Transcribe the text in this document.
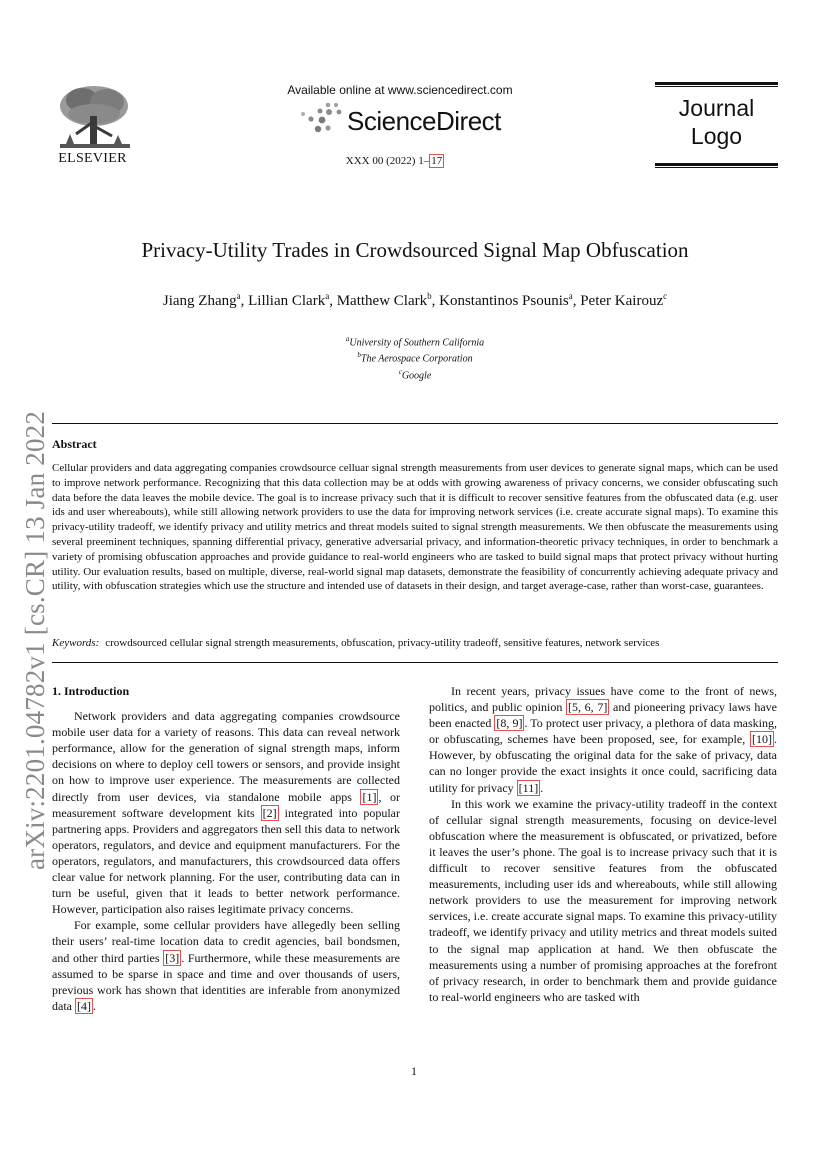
ELSEVIER
Available online at www.sciencedirect.com
ScienceDirect
XXX 00 (2022) 1– 17
Journal
Logo
arXiv:2201.04782v1 [cs.CR] 13 Jan 2022
Privacy-Utility Trades in Crowdsourced Signal Map Obfuscation
Jiang Zhang$^a$, Lillian Clark$^a$, Matthew Clark$^b$, Konstantinos Psounis$^a$, Peter Kairouz$^c$
$^a$University of Southern California
$^b$The Aerospace Corporation
$^c$Google
Abstract
Cellular providers and data aggregating companies crowdsource celluar signal strength measurements from user devices to generate signal maps, which can be used to improve network performance. Recognizing that this data collection may be at odds with growing awareness of privacy concerns, we consider obfuscating such data before the data leaves the mobile device. The goal is to increase privacy such that it is difficult to recover sensitive features from the obfuscated data (e.g. user ids and user whereabouts), while still allowing network providers to use the data for improving network services (i.e. create accurate signal maps). To examine this privacy-utility tradeoff, we identify privacy and utility metrics and threat models suited to signal strength measurements. We then obfuscate the measurements using several preeminent techniques, spanning differential privacy, generative adversarial privacy, and information-theoretic privacy techniques, in order to benchmark a variety of promising obfuscation approaches and provide guidance to real-world engineers who are tasked to build signal maps that protect privacy without hurting utility. Our evaluation results, based on multiple, diverse, real-world signal map datasets, demonstrate the feasibility of concurrently achieving adequate privacy and utility, with obfuscation strategies which use the structure and intended use of datasets in their design, and target average-case, rather than worst-case, guarantees.
Keywords: crowdsourced cellular signal strength measurements, obfuscation, privacy-utility tradeoff, sensitive features, network services
1. Introduction

Network providers and data aggregating companies crowdsource mobile user data for a variety of reasons. This data can reveal network performance, allow for the generation of signal strength maps, inform decisions on where to deploy cell towers or sensors, and provide insight on how to improve user experience. The measurements are collected directly from user devices, via standalone mobile apps [1] , or measurement software development kits [2] integrated into popular partnering apps. Providers and aggregators then sell this data to network operators, regulators, and device and equipment manufacturers. For the operators, regulators, and manufacturers, this crowdsourced data offers clear value for network planning. For the user, contributing data can in turn be useful, given that it leads to better network performance. However, participation also raises legitimate privacy concerns.

For example, some cellular providers have allegedly been selling their users’ real-time location data to credit agencies, bail bondsmen, and other third parties [3] . Furthermore, while these measurements are assumed to be sparse in space and time and over thousands of users, previous work has shown that identities are inferable from anonymized data [4] .

In recent years, privacy issues have come to the front of news, politics, and public opinion [5, 6, 7] and pioneering privacy laws have been enacted [8, 9] . To protect user privacy, a plethora of data masking, or obfuscating, schemes have been proposed, see, for example, [10] . However, by obfuscating the original data for the sake of privacy, data can no longer provide the exact insights it once could, sacrificing data utility for privacy [11] .

In this work we examine the privacy-utility tradeoff in the context of cellular signal strength measurements, focusing on device-level obfuscation where the measurement is obfuscated, or privatized, before it leaves the user’s phone. The goal is to increase privacy such that it is difficult to recover sensitive features from the obfuscated measurements, including user ids and whereabouts, while still allowing network providers to use the measurement for improving network services, i.e. create accurate signal maps. To examine this privacy-utility tradeoff, we identify privacy and utility metrics and threat models suited to the signal map application at hand. We then obfuscate the measurements using a number of promising approaches at the forefront of privacy research, in order to benchmark them and provide guidance to real-world engineers who are tasked with

1
